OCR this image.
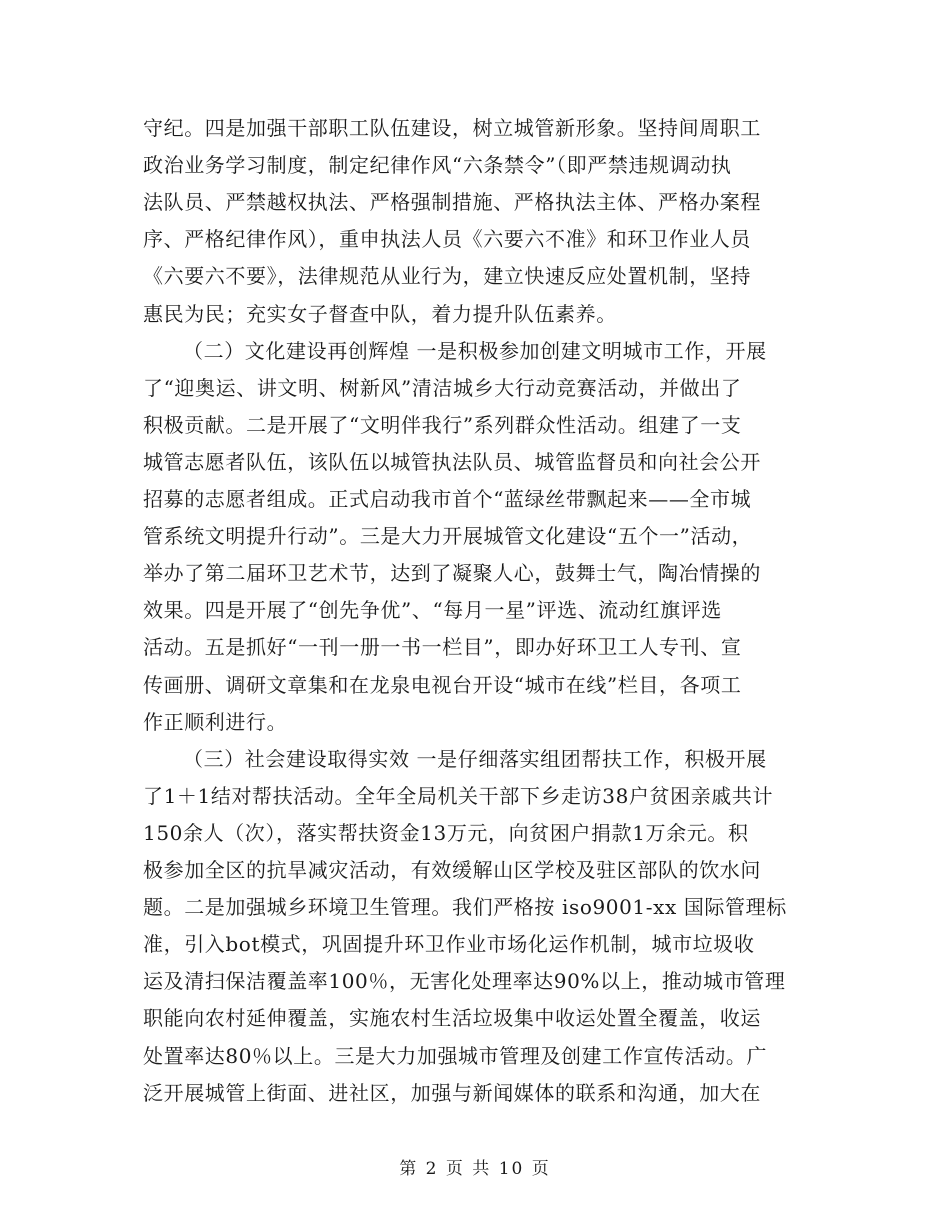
守纪。四是加强干部职工队伍建设，树立城管新形象。坚持间周职工
政治业务学习制度，制定纪律作风“六条禁令”（即严禁违规调动执
法队员、严禁越权执法、严格强制措施、严格执法主体、严格办案程
序、严格纪律作风），重申执法人员《六要六不准》和环卫作业人员
《六要六不要》，法律规范从业行为，建立快速反应处置机制，坚持
惠民为民；充实女子督查中队，着力提升队伍素养。
（二）文化建设再创辉煌 一是积极参加创建文明城市工作，开展
了“迎奥运、讲文明、树新风”清洁城乡大行动竞赛活动，并做出了
积极贡献。二是开展了“文明伴我行”系列群众性活动。组建了一支
城管志愿者队伍，该队伍以城管执法队员、城管监督员和向社会公开
招募的志愿者组成。正式启动我市首个“蓝绿丝带飘起来——全市城
管系统文明提升行动”。三是大力开展城管文化建设“五个一”活动，
举办了第二届环卫艺术节，达到了凝聚人心，鼓舞士气，陶冶情操的
效果。四是开展了“创先争优”、“每月一星”评选、流动红旗评选
活动。五是抓好“一刊一册一书一栏目”，即办好环卫工人专刊、宣
传画册、调研文章集和在龙泉电视台开设“城市在线”栏目，各项工
作正顺利进行。
（三）社会建设取得实效 一是仔细落实组团帮扶工作，积极开展
了1＋1结对帮扶活动。全年全局机关干部下乡走访38户贫困亲戚共计
150余人（次），落实帮扶资金13万元，向贫困户捐款1万余元。积
极参加全区的抗旱减灾活动，有效缓解山区学校及驻区部队的饮水问
题。二是加强城乡环境卫生管理。我们严格按 iso9001-xx 国际管理标
准，引入bot模式，巩固提升环卫作业市场化运作机制，城市垃圾收
运及清扫保洁覆盖率100％，无害化处理率达90%以上，推动城市管理
职能向农村延伸覆盖，实施农村生活垃圾集中收运处置全覆盖，收运
处置率达80％以上。三是大力加强城市管理及创建工作宣传活动。广
泛开展城管上街面、进社区，加强与新闻媒体的联系和沟通，加大在
第 2 页 共 10 页
